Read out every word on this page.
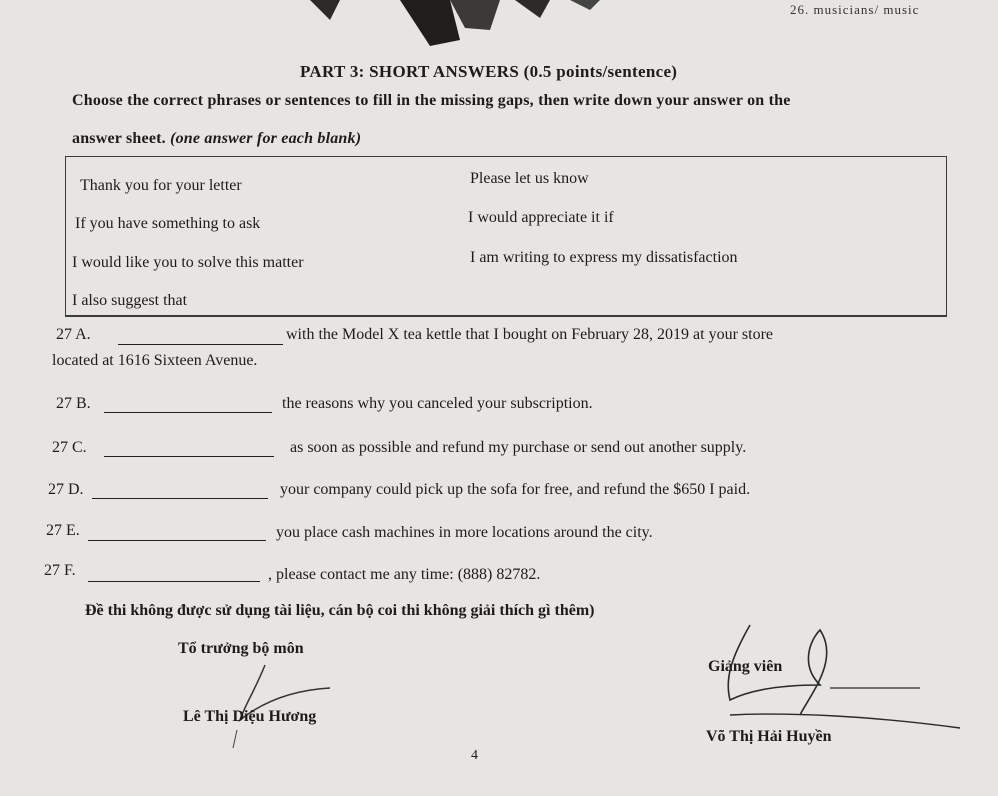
26. musicians/ music
PART 3: SHORT ANSWERS (0.5 points/sentence)
Choose the correct phrases or sentences to fill in the missing gaps, then write down your answer on the
answer sheet. (one answer for each blank)
Thank you for your letter	Please let us know
If you have something to ask	I would appreciate it if
I would like you to solve this matter	I am writing to express my dissatisfaction
I also suggest that
27 A.	with the Model X tea kettle that I bought on February 28, 2019 at your store
located at 1616 Sixteen Avenue.
27 B.	the reasons why you canceled your subscription.
27 C.	as soon as possible and refund my purchase or send out another supply.
27 D.	your company could pick up the sofa for free, and refund the $650 I paid.
27 E.	you place cash machines in more locations around the city.
27 F.	, please contact me any time: (888) 82782.
Đề thi không được sử dụng tài liệu, cán bộ coi thi không giải thích gì thêm)
Tổ trưởng bộ môn
Lê Thị Diệu Hương
Giảng viên
Võ Thị Hải Huyền
4
